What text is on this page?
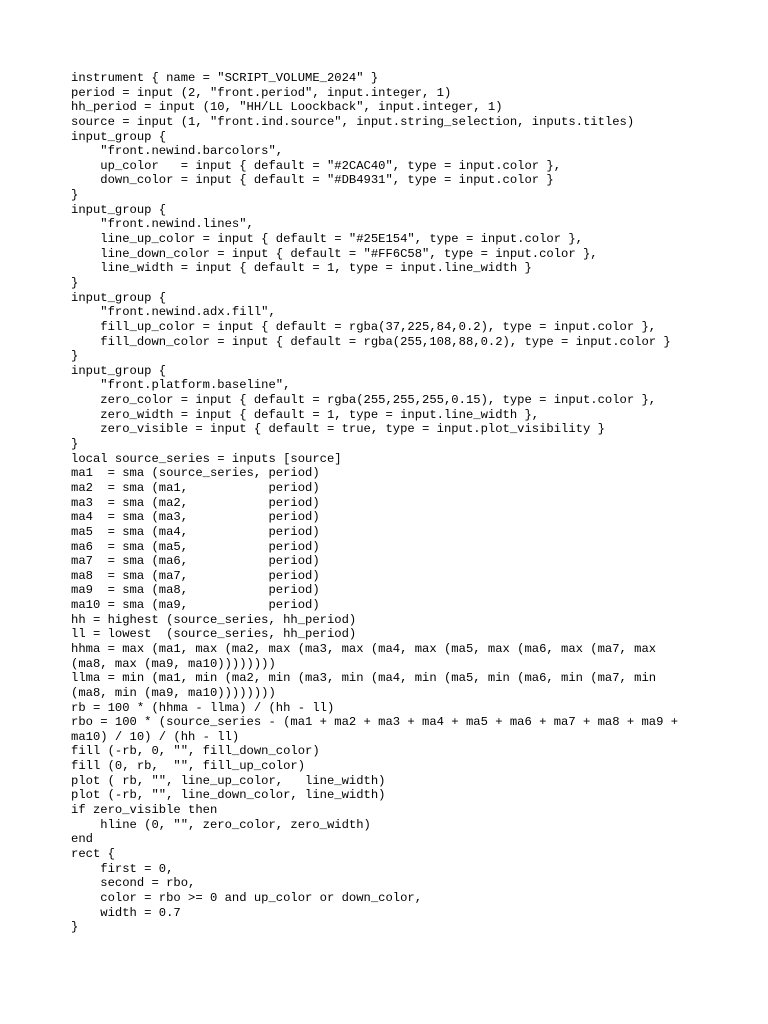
instrument { name = "SCRIPT_VOLUME_2024" }
period = input (2, "front.period", input.integer, 1)
hh_period = input (10, "HH/LL Loockback", input.integer, 1)
source = input (1, "front.ind.source", input.string_selection, inputs.titles)
input_group {
"front.newind.barcolors",
up_color   = input { default = "#2CAC40", type = input.color },
down_color = input { default = "#DB4931", type = input.color }
}
input_group {
"front.newind.lines",
line_up_color = input { default = "#25E154", type = input.color },
line_down_color = input { default = "#FF6C58", type = input.color },
line_width = input { default = 1, type = input.line_width }
}
input_group {
"front.newind.adx.fill",
fill_up_color = input { default = rgba(37,225,84,0.2), type = input.color },
fill_down_color = input { default = rgba(255,108,88,0.2), type = input.color }
}
input_group {
"front.platform.baseline",
zero_color = input { default = rgba(255,255,255,0.15), type = input.color },
zero_width = input { default = 1, type = input.line_width },
zero_visible = input { default = true, type = input.plot_visibility }
}
local source_series = inputs [source]
ma1  = sma (source_series, period)
ma2  = sma (ma1,           period)
ma3  = sma (ma2,           period)
ma4  = sma (ma3,           period)
ma5  = sma (ma4,           period)
ma6  = sma (ma5,           period)
ma7  = sma (ma6,           period)
ma8  = sma (ma7,           period)
ma9  = sma (ma8,           period)
ma10 = sma (ma9,           period)
hh = highest (source_series, hh_period)
ll = lowest  (source_series, hh_period)
hhma = max (ma1, max (ma2, max (ma3, max (ma4, max (ma5, max (ma6, max (ma7, max
(ma8, max (ma9, ma10))))))))
llma = min (ma1, min (ma2, min (ma3, min (ma4, min (ma5, min (ma6, min (ma7, min
(ma8, min (ma9, ma10))))))))
rb = 100 * (hhma - llma) / (hh - ll)
rbo = 100 * (source_series - (ma1 + ma2 + ma3 + ma4 + ma5 + ma6 + ma7 + ma8 + ma9 +
ma10) / 10) / (hh - ll)
fill (-rb, 0, "", fill_down_color)
fill (0, rb,  "", fill_up_color)
plot ( rb, "", line_up_color,   line_width)
plot (-rb, "", line_down_color, line_width)
if zero_visible then
hline (0, "", zero_color, zero_width)
end
rect {
first = 0,
second = rbo,
color = rbo >= 0 and up_color or down_color,
width = 0.7
}
